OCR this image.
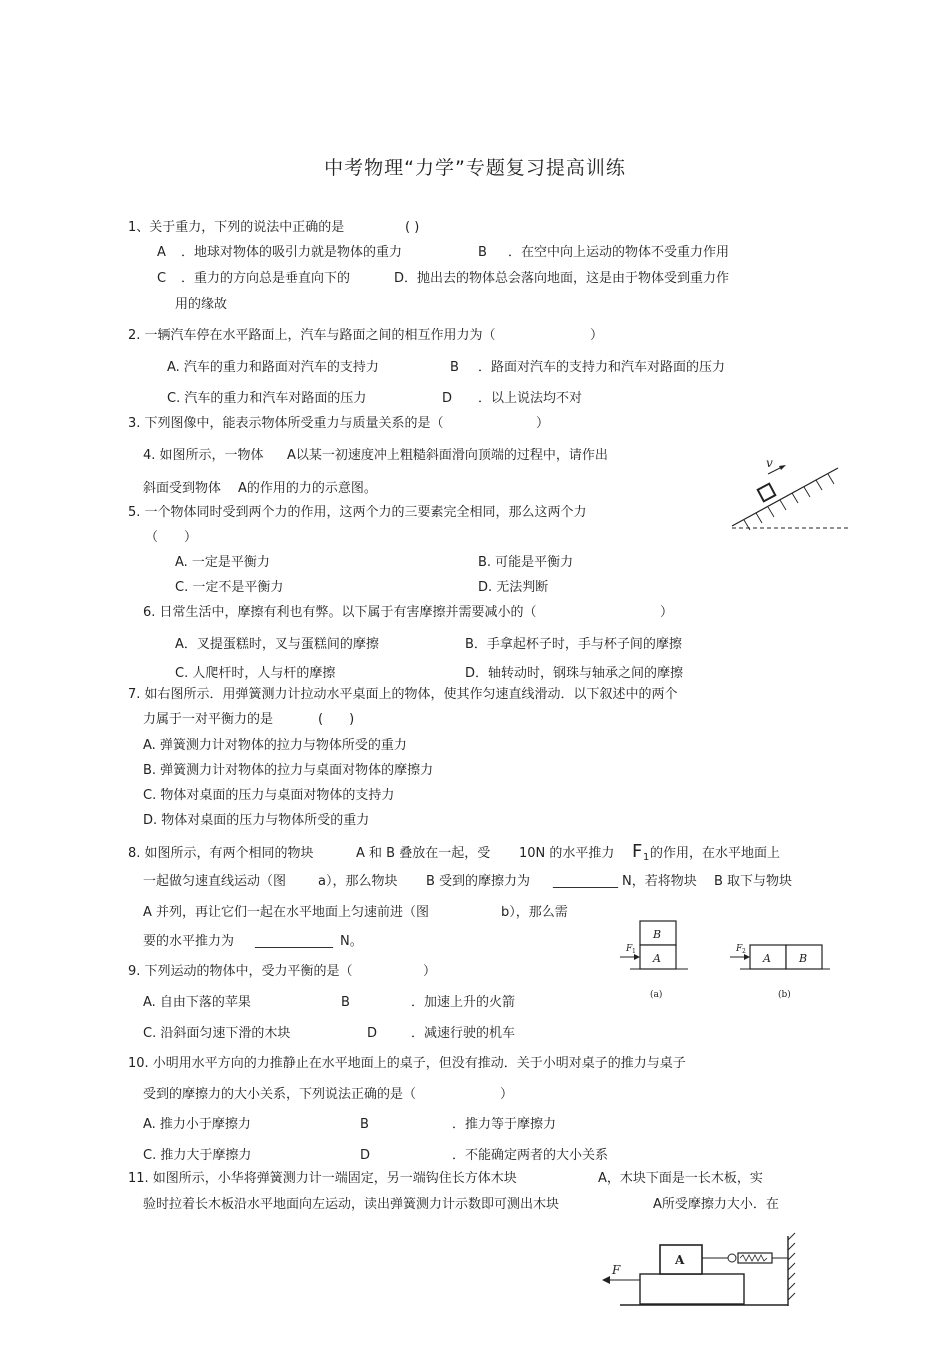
中考物理“力学”专题复习提高训练
1、关于重力，下列的说法中正确的是	( )
A ．地球对物体的吸引力就是物体的重力	B ．在空中向上运动的物体不受重力作用
C ．重力的方向总是垂直向下的	D．抛出去的物体总会落向地面，这是由于物体受到重力作
用的缘故
2. 一辆汽车停在水平路面上，汽车与路面之间的相互作用力为（	）
A. 汽车的重力和路面对汽车的支持力	B ．路面对汽车的支持力和汽车对路面的压力
C. 汽车的重力和汽车对路面的压力	D ．以上说法均不对
3. 下列图像中，能表示物体所受重力与质量关系的是（	）
4. 如图所示，一物体 A以某一初速度冲上粗糙斜面滑向顶端的过程中，请作出
斜面受到物体 A的作用的力的示意图。
v
5. 一个物体同时受到两个力的作用，这两个力的三要素完全相同，那么这两个力
（　　）
A. 一定是平衡力	B. 可能是平衡力
C. 一定不是平衡力	D. 无法判断
6. 日常生活中，摩擦有利也有弊。以下属于有害摩擦并需要减小的（	）
A．叉提蛋糕时，叉与蛋糕间的摩擦	B．手拿起杯子时，手与杯子间的摩擦
C. 人爬杆时，人与杆的摩擦	D．轴转动时，钢珠与轴承之间的摩擦
7. 如右图所示．用弹簧测力计拉动水平桌面上的物体，使其作匀速直线滑动．以下叙述中的两个
力属于一对平衡力的是	(　　)
A. 弹簧测力计对物体的拉力与物体所受的重力
B. 弹簧测力计对物体的拉力与桌面对物体的摩擦力
C. 物体对桌面的压力与桌面对物体的支持力
D. 物体对桌面的压力与物体所受的重力
8. 如图所示，有两个相同的物块	A 和 B 叠放在一起，受 10N 的水平推力 F 1 的作用，在水平地面上
一起做匀速直线运动（图 a），那么物块 B 受到的摩擦力为 __________ N，若将物块 B 取下与物块
A 并列，再让它们一起在水平地面上匀速前进（图	b），那么需
要的水平推力为 ____________ N。	B
A
F 1
(a)
A	B
F 2
(b)
9. 下列运动的物体中，受力平衡的是（	）
A. 自由下落的苹果	B	．加速上升的火箭
C. 沿斜面匀速下滑的木块	D	．减速行驶的机车
10. 小明用水平方向的力推静止在水平地面上的桌子，但没有推动．关于小明对桌子的推力与桌子
受到的摩擦力的大小关系，下列说法正确的是（	）
A. 推力小于摩擦力	B	．推力等于摩擦力
C. 推力大于摩擦力	D	．不能确定两者的大小关系
11. 如图所示，小华将弹簧测力计一端固定，另一端钩住长方体木块	A，木块下面是一长木板，实
验时拉着长木板沿水平地面向左运动，读出弹簧测力计示数即可测出木块	A所受摩擦力大小．在
A
F
